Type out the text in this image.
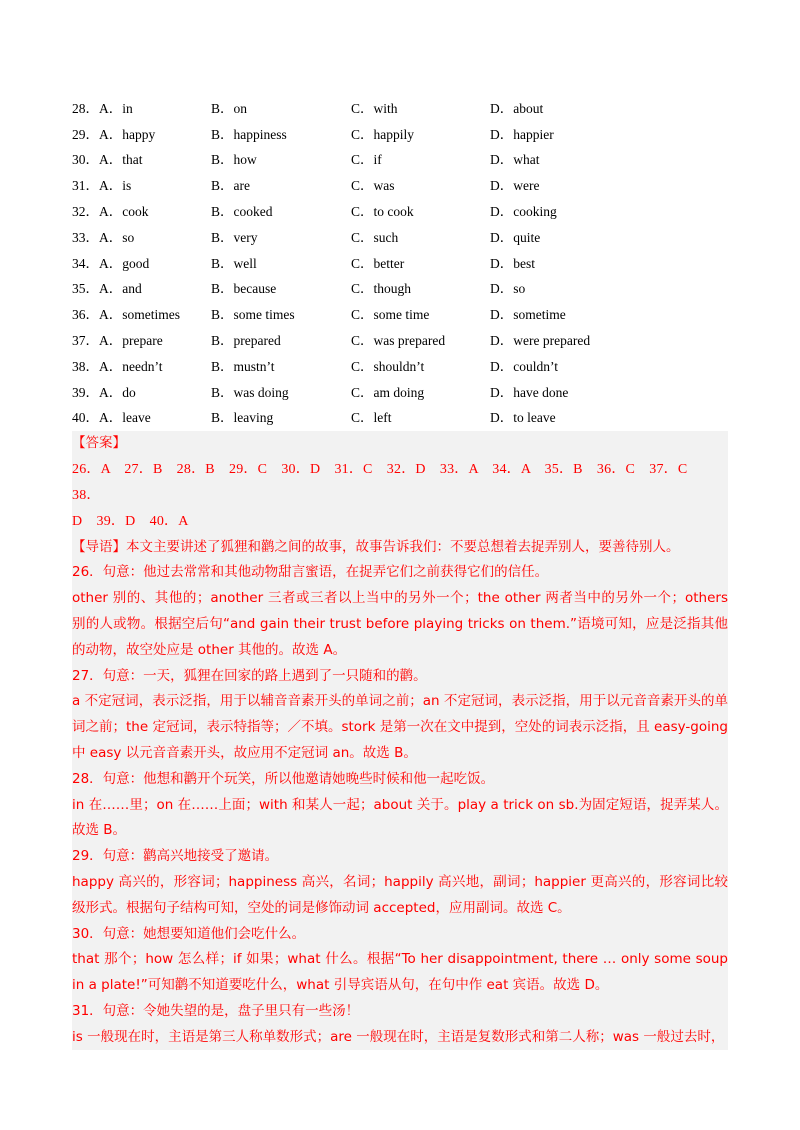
28．A．in	B．on	C．with	D．about
29．A．happy	B．happiness	C．happily	D．happier
30．A．that	B．how	C．if	D．what
31．A．is	B．are	C．was	D．were
32．A．cook	B．cooked	C．to cook	D．cooking
33．A．so	B．very	C．such	D．quite
34．A．good	B．well	C．better	D．best
35．A．and	B．because	C．though	D．so
36．A．sometimes	B．some times	C．some time	D．sometime
37．A．prepare	B．prepared	C．was prepared	D．were prepared
38．A．needn’t	B．mustn’t	C．shouldn’t	D．couldn’t
39．A．do	B．was doing	C．am doing	D．have done
40．A．leave	B．leaving	C．left	D．to leave

【答案】

26．A　27．B　28．B　29．C　30．D　31．C　32．D　33．A　34．A　35．B　36．C　37．C　38．

D　39．D　40．A

【导语】本文主要讲述了狐狸和鹳之间的故事，故事告诉我们：不要总想着去捉弄别人，要善待别人。

26．句意：他过去常常和其他动物甜言蜜语，在捉弄它们之前获得它们的信任。

other 别的、其他的；another 三者或三者以上当中的另外一个；the other 两者当中的另外一个；others 别的人或物。根据空后句“and gain their trust before playing tricks on them.”语境可知，应是泛指其他的动物，故空处应是 other 其他的。故选 A。

27．句意：一天，狐狸在回家的路上遇到了一只随和的鹳。

a 不定冠词，表示泛指，用于以辅音音素开头的单词之前；an 不定冠词，表示泛指，用于以元音音素开头的单词之前；the 定冠词，表示特指等；／不填。stork 是第一次在文中提到，空处的词表示泛指，且 easy-going 中 easy 以元音音素开头，故应用不定冠词 an。故选 B。

28．句意：他想和鹳开个玩笑，所以他邀请她晚些时候和他一起吃饭。

in 在……里；on 在……上面；with 和某人一起；about 关于。play a trick on sb.为固定短语，捉弄某人。故选 B。

29．句意：鹳高兴地接受了邀请。

happy 高兴的，形容词；happiness 高兴，名词；happily 高兴地，副词；happier 更高兴的，形容词比较级形式。根据句子结构可知，空处的词是修饰动词 accepted，应用副词。故选 C。

30．句意：她想要知道他们会吃什么。

that 那个；how 怎么样；if 如果；what 什么。根据“To her disappointment, there … only some soup in a plate!”可知鹳不知道要吃什么，what 引导宾语从句，在句中作 eat 宾语。故选 D。

31．句意：令她失望的是，盘子里只有一些汤！

is 一般现在时，主语是第三人称单数形式；are 一般现在时，主语是复数形式和第二人称；was 一般过去时，
